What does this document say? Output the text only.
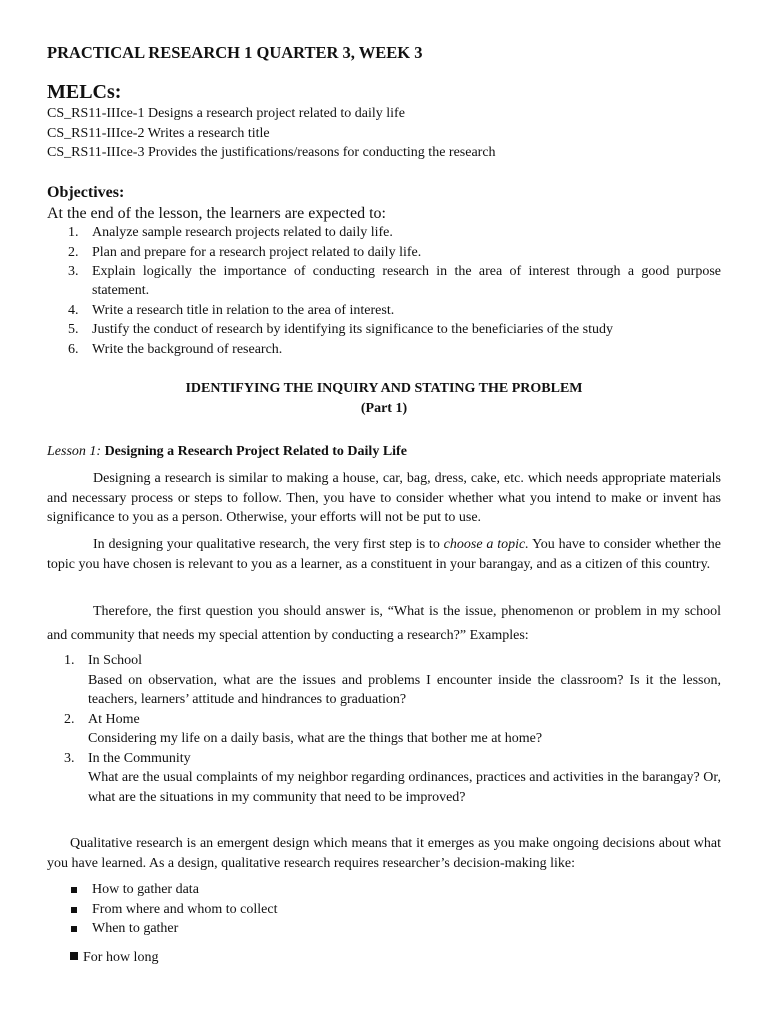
PRACTICAL RESEARCH 1 QUARTER 3, WEEK 3
MELCs:
CS_RS11-IIIce-1 Designs a research project related to daily life
CS_RS11-IIIce-2 Writes a research title
CS_RS11-IIIce-3 Provides the justifications/reasons for conducting the research
Objectives:
At the end of the lesson, the learners are expected to:
1. Analyze sample research projects related to daily life.
2. Plan and prepare for a research project related to daily life.
3. Explain logically the importance of conducting research in the area of interest through a good purpose statement.
4. Write a research title in relation to the area of interest.
5. Justify the conduct of research by identifying its significance to the beneficiaries of the study
6. Write the background of research.
IDENTIFYING THE INQUIRY AND STATING THE PROBLEM
(Part 1)
Lesson 1: Designing a Research Project Related to Daily Life
Designing a research is similar to making a house, car, bag, dress, cake, etc. which needs appropriate materials and necessary process or steps to follow. Then, you have to consider whether what you intend to make or invent has significance to you as a person. Otherwise, your efforts will not be put to use.
In designing your qualitative research, the very first step is to choose a topic. You have to consider whether the topic you have chosen is relevant to you as a learner, as a constituent in your barangay, and as a citizen of this country.
Therefore, the first question you should answer is, “What is the issue, phenomenon or problem in my school and community that needs my special attention by conducting a research?” Examples:
1. In School
Based on observation, what are the issues and problems I encounter inside the classroom? Is it the lesson, teachers, learners’ attitude and hindrances to graduation?
2. At Home
Considering my life on a daily basis, what are the things that bother me at home?
3. In the Community
What are the usual complaints of my neighbor regarding ordinances, practices and activities in the barangay? Or, what are the situations in my community that need to be improved?
Qualitative research is an emergent design which means that it emerges as you make ongoing decisions about what you have learned. As a design, qualitative research requires researcher’s decision-making like:
How to gather data
From where and whom to collect
When to gather
For how long
